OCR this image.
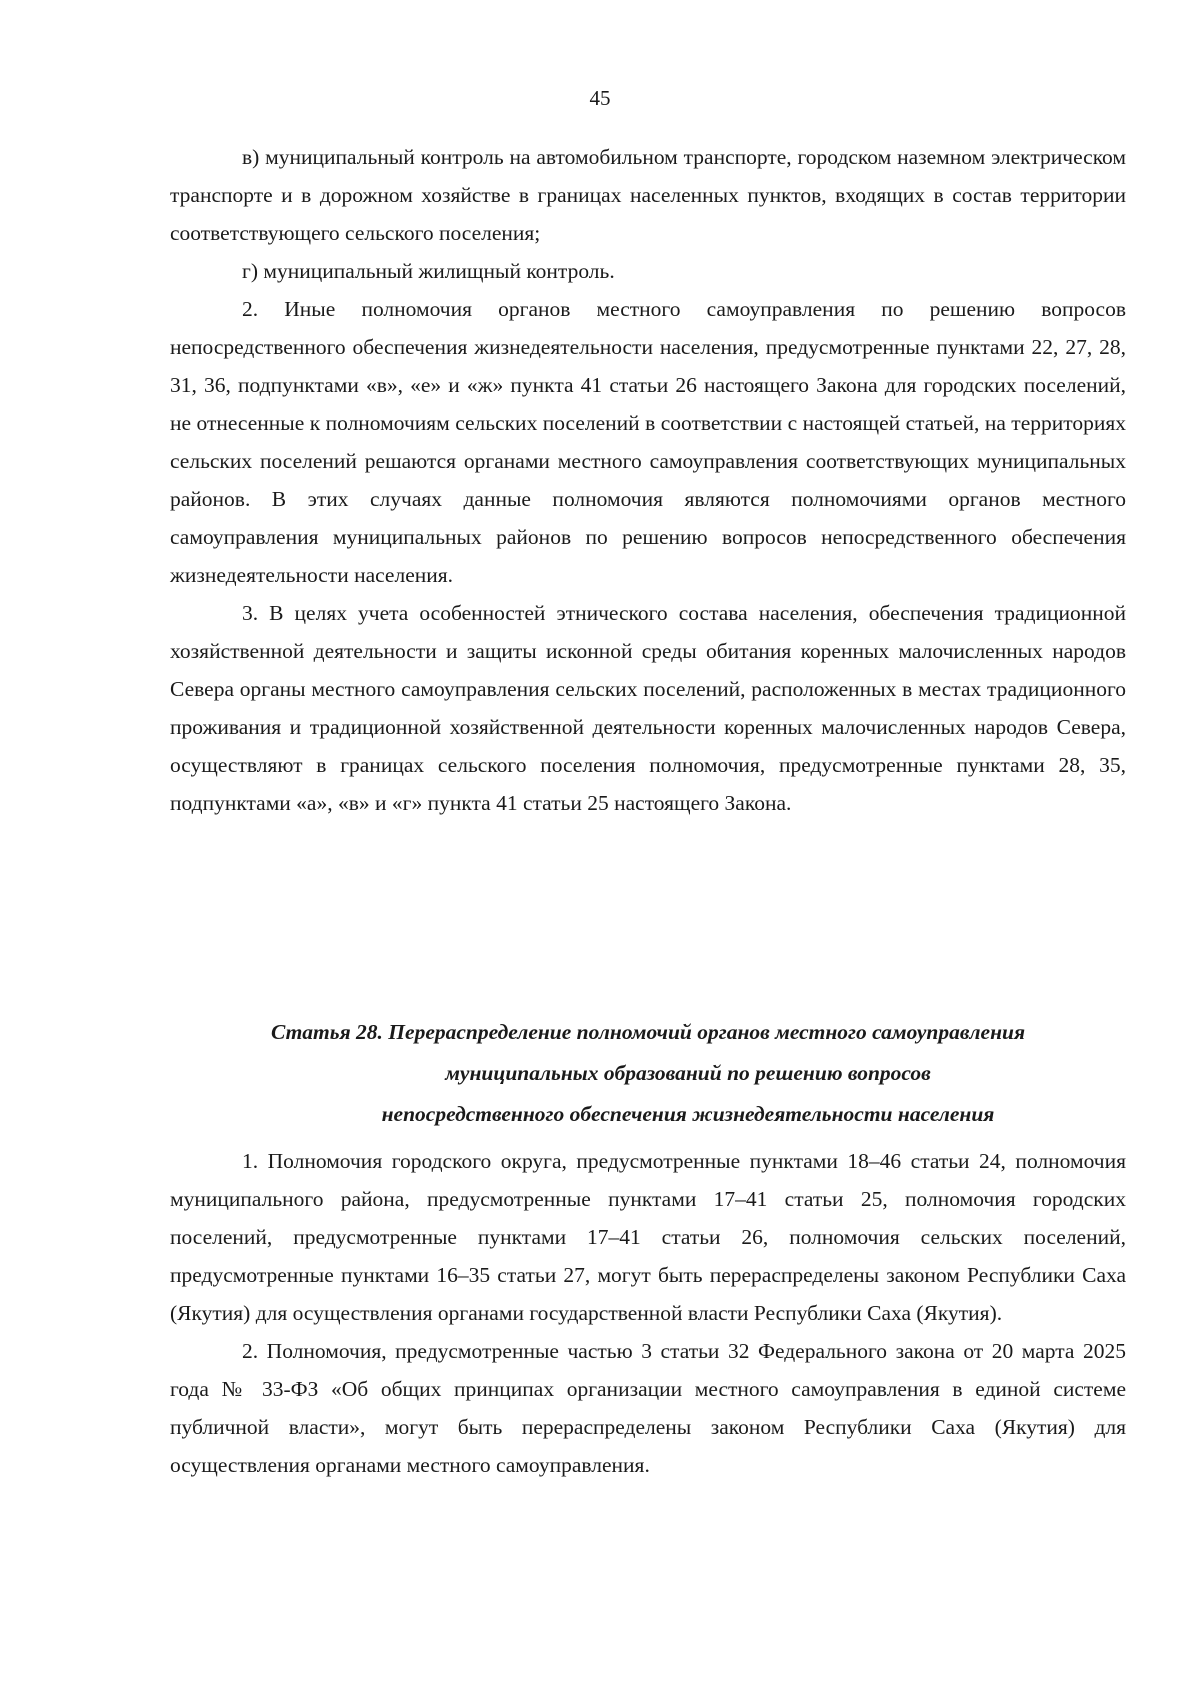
45

в) муниципальный контроль на автомобильном транспорте, городском наземном электрическом транспорте и в дорожном хозяйстве в границах населенных пунктов, входящих в состав территории соответствующего сельского поселения;

г) муниципальный жилищный контроль.

2. Иные полномочия органов местного самоуправления по решению вопросов непосредственного обеспечения жизнедеятельности населения, предусмотренные пунктами 22, 27, 28, 31, 36, подпунктами «в», «е» и «ж» пункта 41 статьи 26 настоящего Закона для городских поселений, не отнесенные к полномочиям сельских поселений в соответствии с настоящей статьей, на территориях сельских поселений решаются органами местного самоуправления соответствующих муниципальных районов. В этих случаях данные полномочия являются полномочиями органов местного самоуправления муниципальных районов по решению вопросов непосредственного обеспечения жизнедеятельности населения.

3. В целях учета особенностей этнического состава населения, обеспечения традиционной хозяйственной деятельности и защиты исконной среды обитания коренных малочисленных народов Севера органы местного самоуправления сельских поселений, расположенных в местах традиционного проживания и традиционной хозяйственной деятельности коренных малочисленных народов Севера, осуществляют в границах сельского поселения полномочия, предусмотренные пунктами 28, 35, подпунктами «а», «в» и «г» пункта 41 статьи 25 настоящего Закона.

Статья 28. Перераспределение полномочий органов местного самоуправления
муниципальных образований по решению вопросов
непосредственного обеспечения жизнедеятельности населения

1. Полномочия городского округа, предусмотренные пунктами 18–46 статьи 24, полномочия муниципального района, предусмотренные пунктами 17–41 статьи 25, полномочия городских поселений, предусмотренные пунктами 17–41 статьи 26, полномочия сельских поселений, предусмотренные пунктами 16–35 статьи 27, могут быть перераспределены законом Республики Саха (Якутия) для осуществления органами государственной власти Республики Саха (Якутия).

2. Полномочия, предусмотренные частью 3 статьи 32 Федерального закона от 20 марта 2025 года № 33-ФЗ «Об общих принципах организации местного самоуправления в единой системе публичной власти», могут быть перераспределены законом Республики Саха (Якутия) для осуществления органами местного самоуправления.
